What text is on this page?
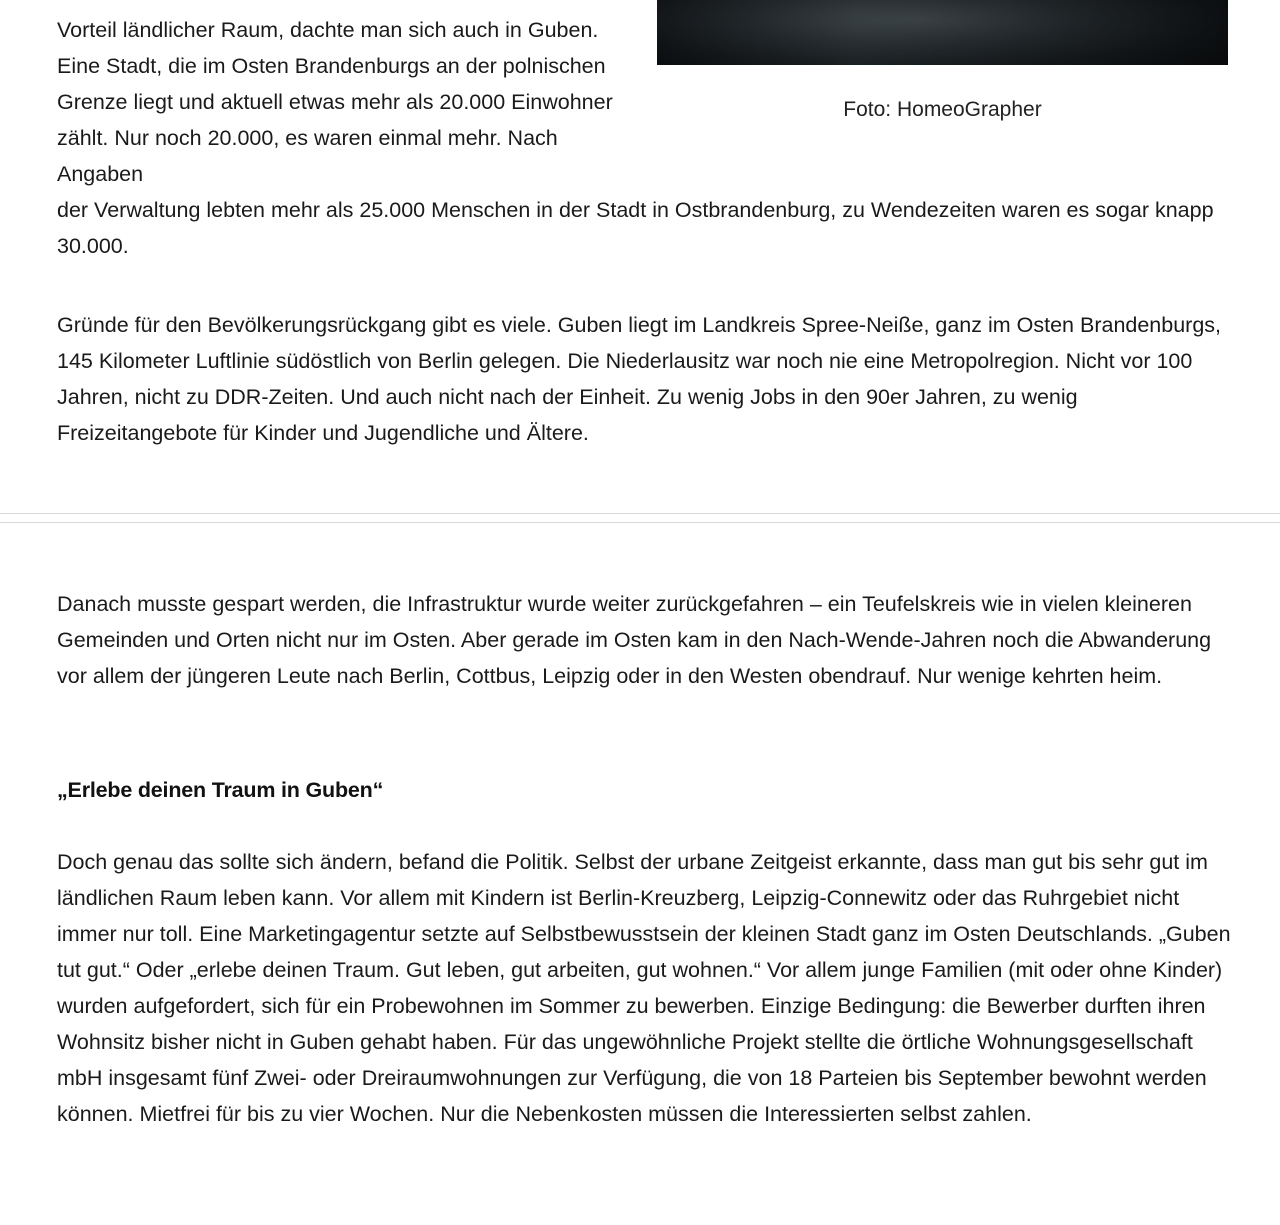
Foto: HomeoGrapher

Vorteil ländlicher Raum, dachte man sich auch in Guben. Eine Stadt, die im Osten Brandenburgs an der polnischen Grenze liegt und aktuell etwas mehr als 20.000 Einwohner zählt. Nur noch 20.000, es waren einmal mehr. Nach Angaben

der Verwaltung lebten mehr als 25.000 Menschen in der Stadt in Ostbrandenburg, zu Wendezeiten waren es sogar knapp 30.000.

Gründe für den Bevölkerungsrückgang gibt es viele. Guben liegt im Landkreis Spree-Neiße, ganz im Osten Brandenburgs, 145 Kilometer Luftlinie südöstlich von Berlin gelegen. Die Niederlausitz war noch nie eine Metropolregion. Nicht vor 100 Jahren, nicht zu DDR-Zeiten. Und auch nicht nach der Einheit. Zu wenig Jobs in den 90er Jahren, zu wenig Freizeitangebote für Kinder und Jugendliche und Ältere.

Danach musste gespart werden, die Infrastruktur wurde weiter zurückgefahren – ein Teufelskreis wie in vielen kleineren Gemeinden und Orten nicht nur im Osten. Aber gerade im Osten kam in den Nach-Wende-Jahren noch die Abwanderung vor allem der jüngeren Leute nach Berlin, Cottbus, Leipzig oder in den Westen obendrauf. Nur wenige kehrten heim.

„Erlebe deinen Traum in Guben“

Doch genau das sollte sich ändern, befand die Politik. Selbst der urbane Zeitgeist erkannte, dass man gut bis sehr gut im ländlichen Raum leben kann. Vor allem mit Kindern ist Berlin-Kreuzberg, Leipzig-Connewitz oder das Ruhrgebiet nicht immer nur toll. Eine Marketingagentur setzte auf Selbstbewusstsein der kleinen Stadt ganz im Osten Deutschlands. „Guben tut gut.“ Oder „erlebe deinen Traum. Gut leben, gut arbeiten, gut wohnen.“ Vor allem junge Familien (mit oder ohne Kinder) wurden aufgefordert, sich für ein Probewohnen im Sommer zu bewerben. Einzige Bedingung: die Bewerber durften ihren Wohnsitz bisher nicht in Guben gehabt haben. Für das ungewöhnliche Projekt stellte die örtliche Wohnungsgesellschaft mbH insgesamt fünf Zwei- oder Dreiraumwohnungen zur Verfügung, die von 18 Parteien bis September bewohnt werden können. Mietfrei für bis zu vier Wochen. Nur die Nebenkosten müssen die Interessierten selbst zahlen.
